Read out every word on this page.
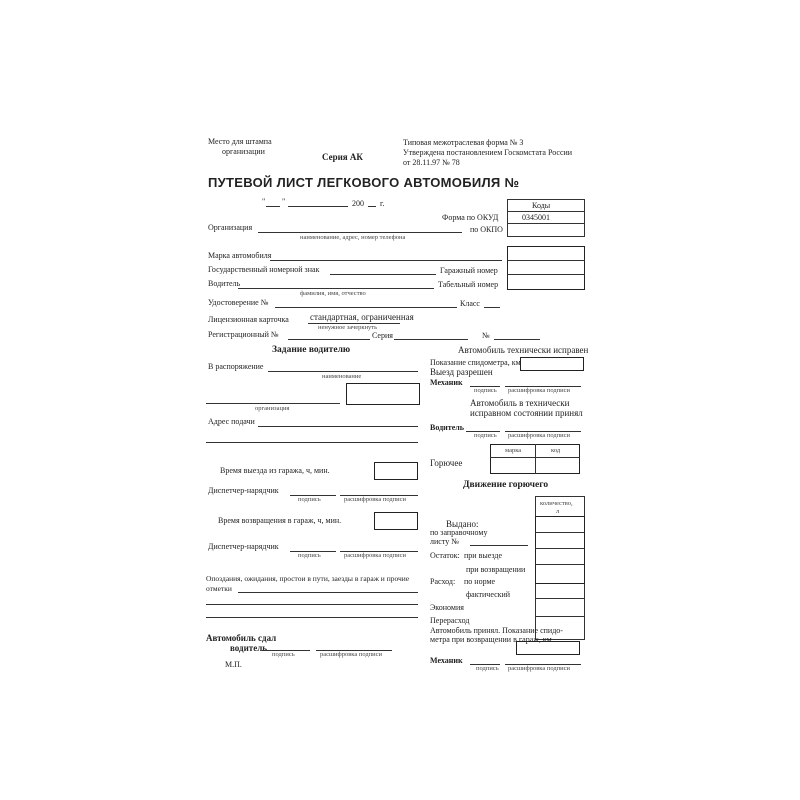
Место для штампа
организации
Серия АК
Типовая межотраслевая форма № 3
Утверждена постановлением Госкомстата России
от 28.11.97 № 78
ПУТЕВОЙ ЛИСТ ЛЕГКОВОГО АВТОМОБИЛЯ №
" "	200 г.	Коды
Форма по ОКУД	0345001
по ОКПО
Организация
наименование, адрес, номер телефона
Марка автомобиля
Государственный номерной знак	Гаражный номер
Водитель
фамилия, имя, отчество
Табельный номер
Удостоверение №	Класс
Лицензионная карточка стандартная, ограниченная
ненужное зачеркнуть
Регистрационный №	Серия	№
Задание водителю
В распоряжение
наименование
организация
Адрес подачи
Время выезда из гаража, ч, мин.
Диспетчер-нарядчик
подпись	расшифровка подписи
Время возвращения в гараж, ч, мин.
Диспетчер-нарядчик
подпись	расшифровка подписи
Опоздания, ожидания, простои в пути, заезды в гараж и прочие
отметки
Автомобиль сдал
водитель
подпись	расшифровка подписи
М.П.
Автомобиль технически исправен
Показание спидометра, км
Выезд разрешен
Механик
подпись расшифровка подписи
Автомобиль в технически
исправном состоянии принял
Водитель
подпись расшифровка подписи
марка	код
Горючее
Движение горючего
количество,
л
Выдано:
по заправочному
листу №
Остаток: при выезде
при возвращении
Расход: по норме
фактический
Экономия
Перерасход
Автомобиль принял. Показание спидо-
метра при возвращении в гараж, км
Механик
подпись расшифровка подписи
